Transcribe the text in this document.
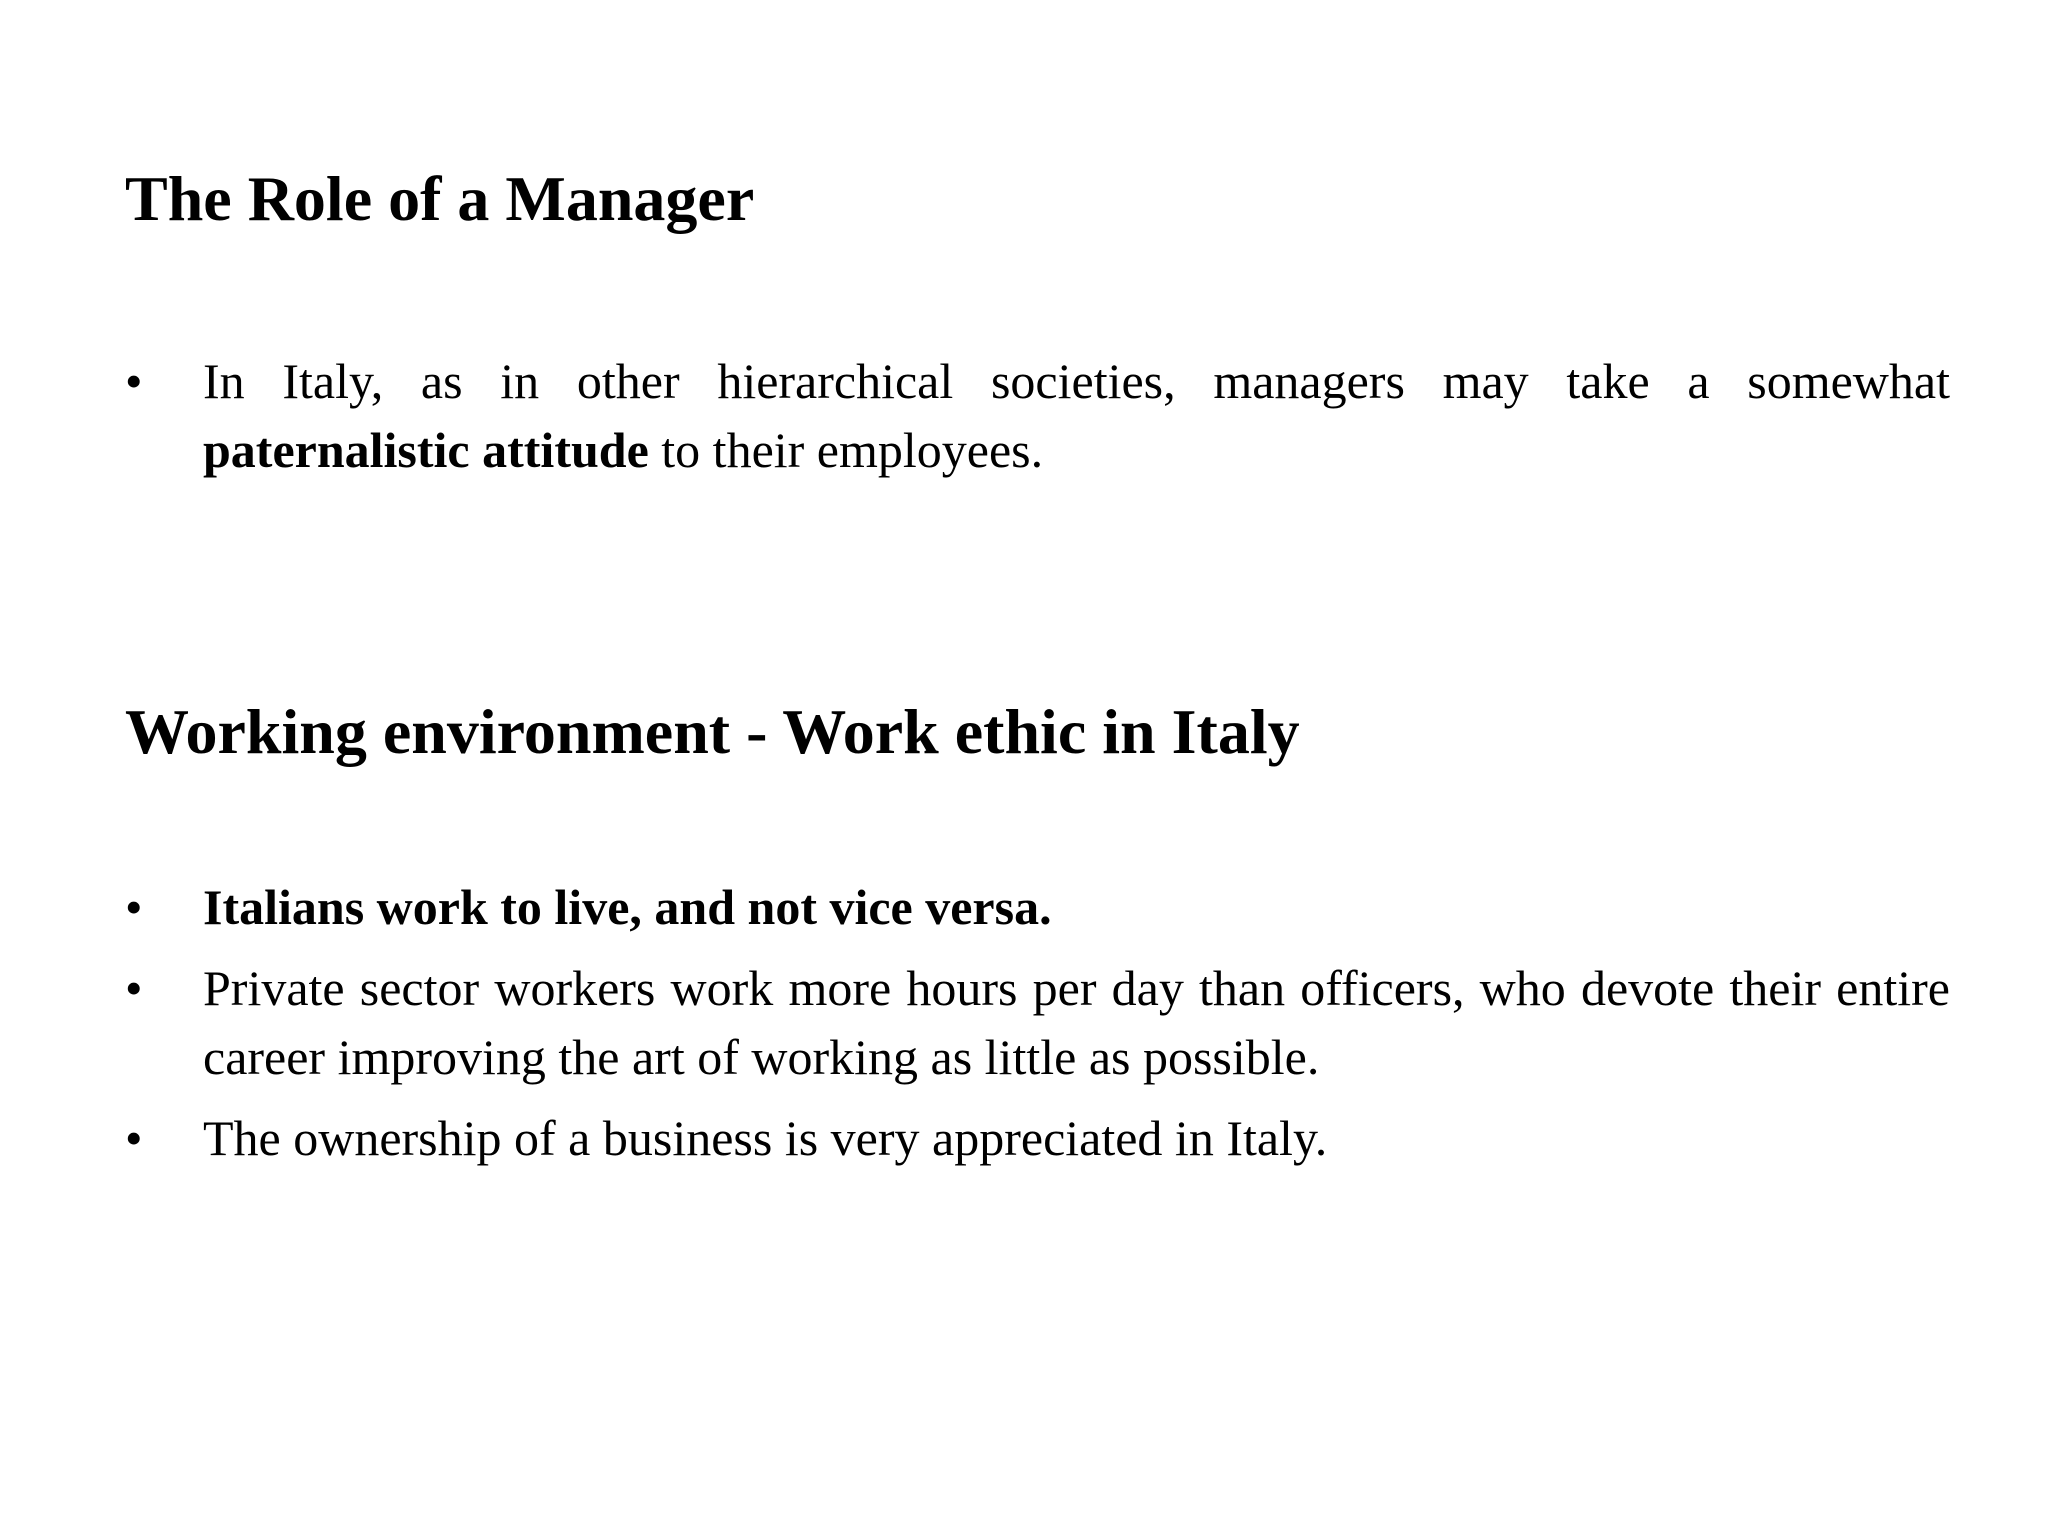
The Role of a Manager
•	In Italy, as in other hierarchical societies, managers may take a somewhat paternalistic attitude to their employees.
Working environment - Work ethic in Italy
•	Italians work to live, and not vice versa.
•	Private sector workers work more hours per day than officers, who devote their entire career improving the art of working as little as possible.
•	The ownership of a business is very appreciated in Italy.
